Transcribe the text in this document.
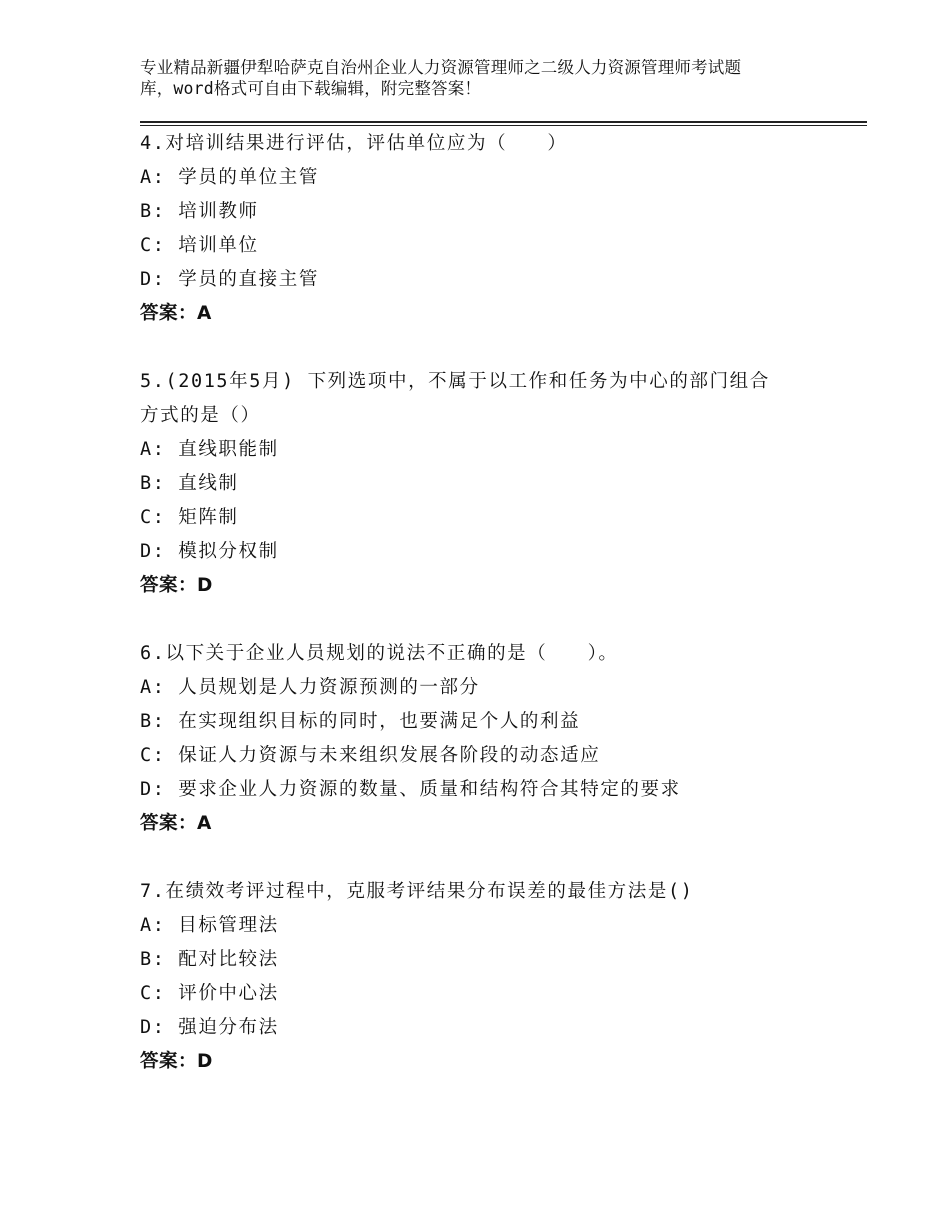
专业精品新疆伊犁哈萨克自治州企业人力资源管理师之二级人力资源管理师考试题
库，word格式可自由下载编辑，附完整答案！
4.对培训结果进行评估，评估单位应为（　　）
A: 学员的单位主管
B: 培训教师
C: 培训单位
D: 学员的直接主管
答案：A
5.(2015年5月) 下列选项中，不属于以工作和任务为中心的部门组合
方式的是（）
A: 直线职能制
B: 直线制
C: 矩阵制
D: 模拟分权制
答案：D
6.以下关于企业人员规划的说法不正确的是（　　）。
A: 人员规划是人力资源预测的一部分
B: 在实现组织目标的同时，也要满足个人的利益
C: 保证人力资源与未来组织发展各阶段的动态适应
D: 要求企业人力资源的数量、质量和结构符合其特定的要求
答案：A
7.在绩效考评过程中，克服考评结果分布误差的最佳方法是()
A: 目标管理法
B: 配对比较法
C: 评价中心法
D: 强迫分布法
答案：D
